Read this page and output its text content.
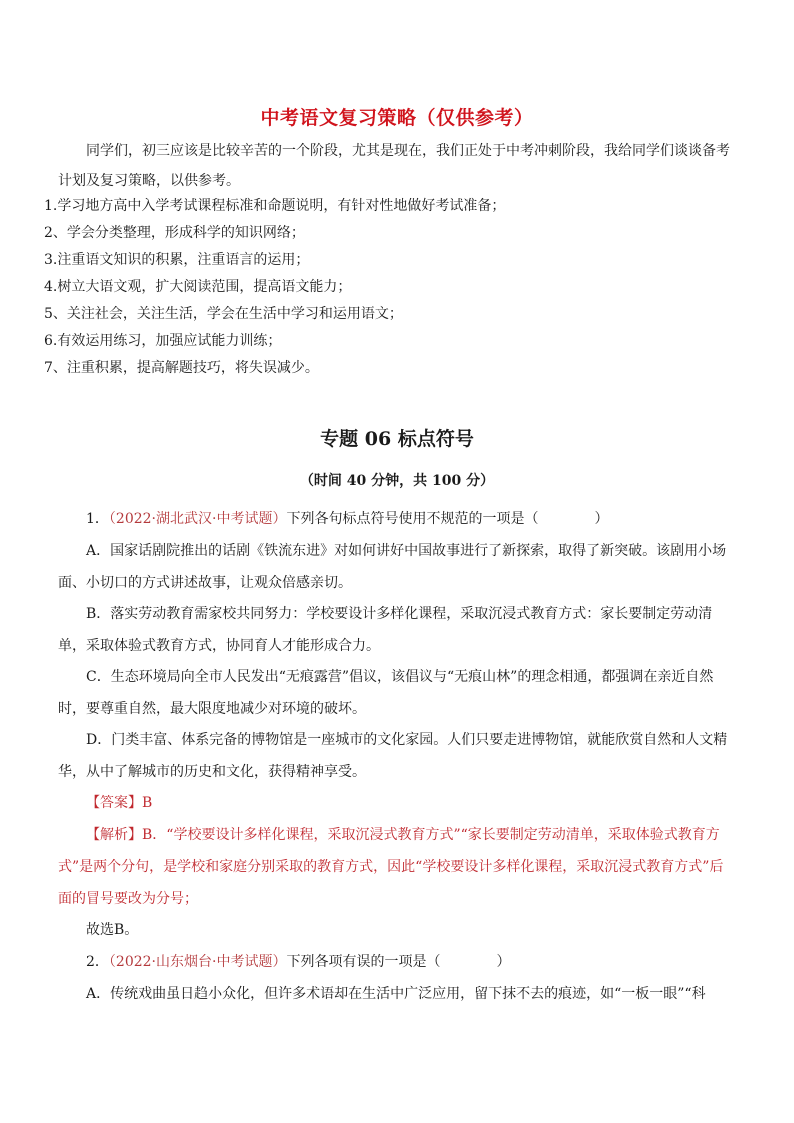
中考语文复习策略（仅供参考）
同学们，初三应该是比较辛苦的一个阶段，尤其是现在，我们正处于中考冲刺阶段，我给同学们谈谈备考计划及复习策略，以供参考。
1.学习地方高中入学考试课程标准和命题说明，有针对性地做好考试准备；
2、学会分类整理，形成科学的知识网络；
3.注重语文知识的积累，注重语言的运用；
4.树立大语文观，扩大阅读范围，提高语文能力；
5、关注社会，关注生活，学会在生活中学习和运用语文；
6.有效运用练习，加强应试能力训练；
7、注重积累，提高解题技巧，将失误减少。
专题 06 标点符号
（时间 40 分钟，共 100 分）
1．（2022·湖北武汉·中考试题）下列各句标点符号使用不规范的一项是（	）
A．国家话剧院推出的话剧《铁流东进》对如何讲好中国故事进行了新探索，取得了新突破。该剧用小场面、小切口的方式讲述故事，让观众倍感亲切。
B．落实劳动教育需家校共同努力：学校要设计多样化课程，采取沉浸式教育方式：家长要制定劳动清单，采取体验式教育方式，协同育人才能形成合力。
C．生态环境局向全市人民发出“无痕露营”倡议，该倡议与“无痕山林”的理念相通，都强调在亲近自然时，要尊重自然，最大限度地减少对环境的破坏。
D．门类丰富、体系完备的博物馆是一座城市的文化家园。人们只要走进博物馆，就能欣赏自然和人文精华，从中了解城市的历史和文化，获得精神享受。
【答案】B
【解析】B．“学校要设计多样化课程，采取沉浸式教育方式”“家长要制定劳动清单，采取体验式教育方式”是两个分句，是学校和家庭分别采取的教育方式，因此“学校要设计多样化课程，采取沉浸式教育方式”后面的冒号要改为分号；
故选B。
2．（2022·山东烟台·中考试题）下列各项有误的一项是（	）
A．传统戏曲虽日趋小众化，但许多术语却在生活中广泛应用，留下抹不去的痕迹，如“一板一眼”“科
